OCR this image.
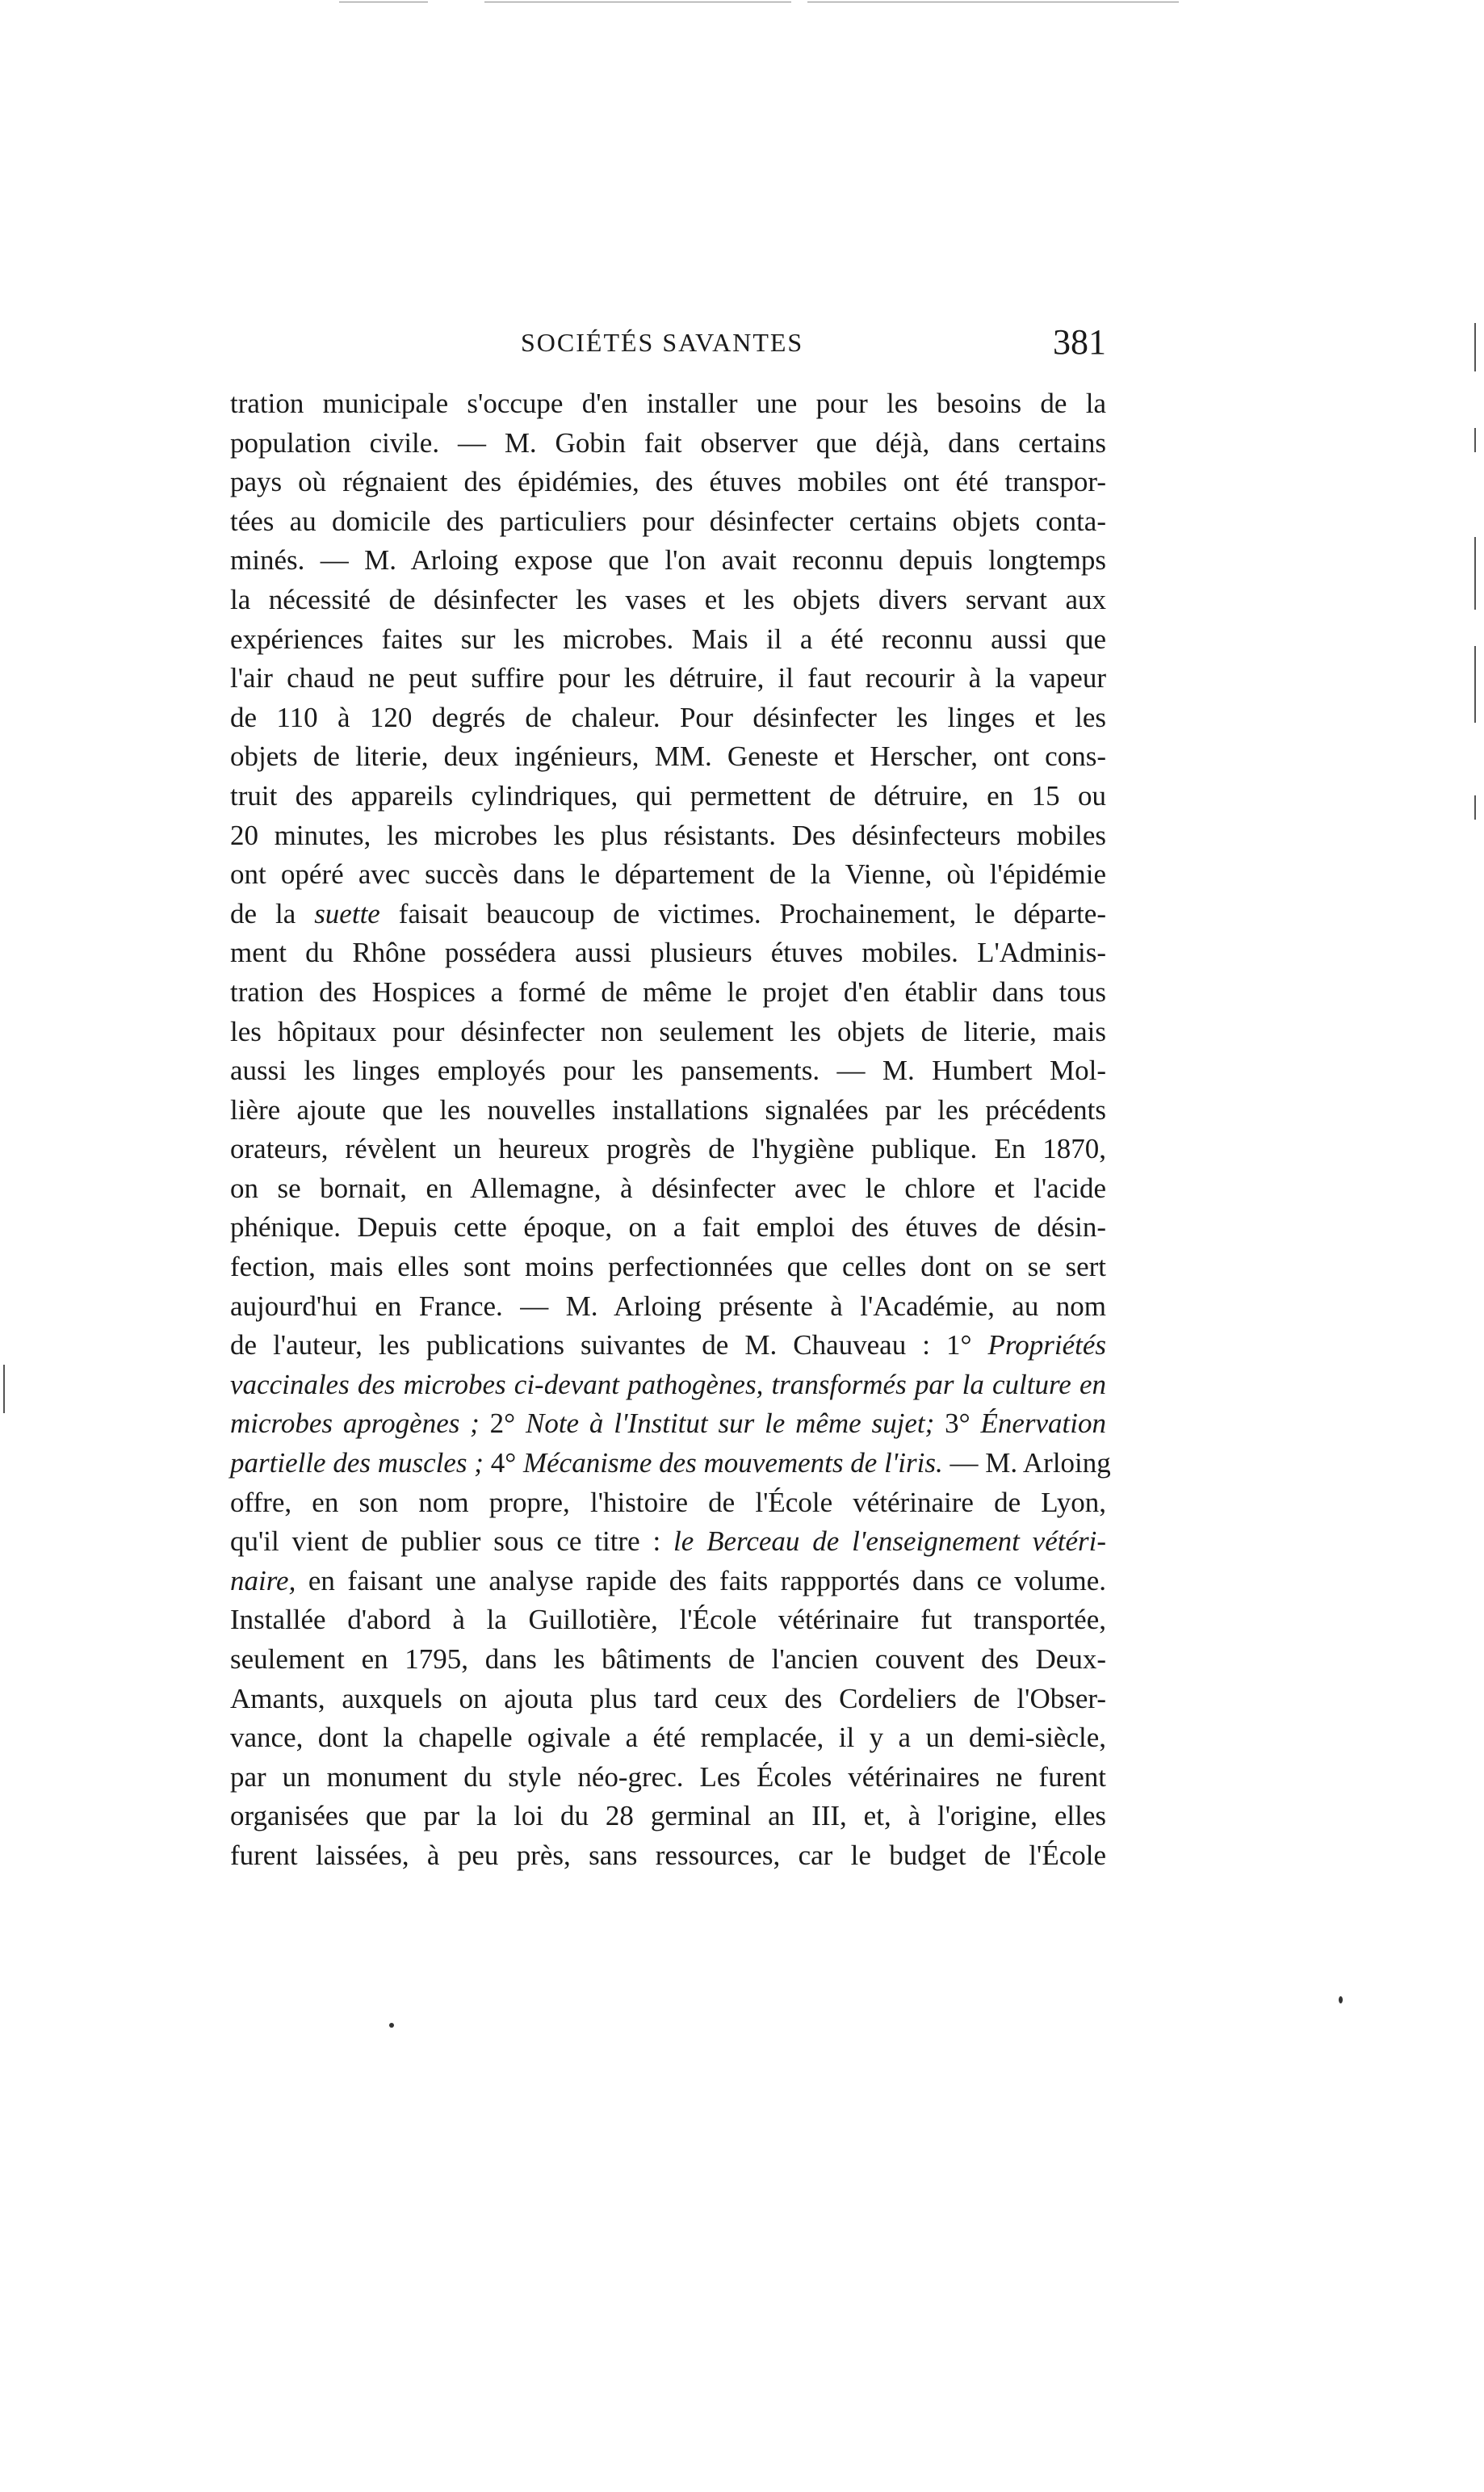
SOCIÉTÉS SAVANTES	381
tration municipale s'occupe d'en installer une pour les besoins de la
population civile. — M. Gobin fait observer que déjà, dans certains
pays où régnaient des épidémies, des étuves mobiles ont été transpor-
tées au domicile des particuliers pour désinfecter certains objets conta-
minés. — M. Arloing expose que l'on avait reconnu depuis longtemps
la nécessité de désinfecter les vases et les objets divers servant aux
expériences faites sur les microbes. Mais il a été reconnu aussi que
l'air chaud ne peut suffire pour les détruire, il faut recourir à la vapeur
de 110 à 120 degrés de chaleur. Pour désinfecter les linges et les
objets de literie, deux ingénieurs, MM. Geneste et Herscher, ont cons-
truit des appareils cylindriques, qui permettent de détruire, en 15 ou
20 minutes, les microbes les plus résistants. Des désinfecteurs mobiles
ont opéré avec succès dans le département de la Vienne, où l'épidémie
de la suette faisait beaucoup de victimes. Prochainement, le départe-
ment du Rhône possédera aussi plusieurs étuves mobiles. L'Adminis-
tration des Hospices a formé de même le projet d'en établir dans tous
les hôpitaux pour désinfecter non seulement les objets de literie, mais
aussi les linges employés pour les pansements. — M. Humbert Mol-
lière ajoute que les nouvelles installations signalées par les précédents
orateurs, révèlent un heureux progrès de l'hygiène publique. En 1870,
on se bornait, en Allemagne, à désinfecter avec le chlore et l'acide
phénique. Depuis cette époque, on a fait emploi des étuves de désin-
fection, mais elles sont moins perfectionnées que celles dont on se sert
aujourd'hui en France. — M. Arloing présente à l'Académie, au nom
de l'auteur, les publications suivantes de M. Chauveau : 1° Propriétés
vaccinales des microbes ci-devant pathogènes, transformés par la culture en
microbes aprogènes ; 2° Note à l'Institut sur le même sujet; 3° Énervation
partielle des muscles ; 4° Mécanisme des mouvements de l'iris. — M. Arloing
offre, en son nom propre, l'histoire de l'École vétérinaire de Lyon,
qu'il vient de publier sous ce titre : le Berceau de l'enseignement vétéri-
naire, en faisant une analyse rapide des faits rappportés dans ce volume.
Installée d'abord à la Guillotière, l'École vétérinaire fut transportée,
seulement en 1795, dans les bâtiments de l'ancien couvent des Deux-
Amants, auxquels on ajouta plus tard ceux des Cordeliers de l'Obser-
vance, dont la chapelle ogivale a été remplacée, il y a un demi-siècle,
par un monument du style néo-grec. Les Écoles vétérinaires ne furent
organisées que par la loi du 28 germinal an III, et, à l'origine, elles
furent laissées, à peu près, sans ressources, car le budget de l'École
